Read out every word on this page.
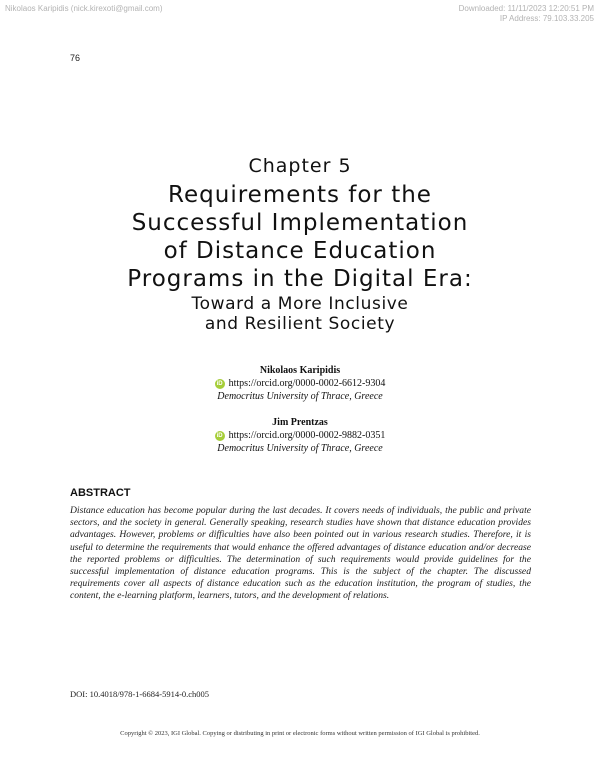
Nikolaos Karipidis (nick.kirexoti@gmail.com)	Downloaded: 11/11/2023 12:20:51 PM
IP Address: 79.103.33.205
76
Chapter 5
Requirements for the
Successful Implementation
of Distance Education
Programs in the Digital Era:
Toward a More Inclusive
and Resilient Society
Nikolaos Karipidis
iD https://orcid.org/0000-0002-6612-9304
Democritus University of Thrace, Greece
Jim Prentzas
iD https://orcid.org/0000-0002-9882-0351
Democritus University of Thrace, Greece
ABSTRACT
Distance education has become popular during the last decades. It covers needs of individuals, the public and private sectors, and the society in general. Generally speaking, research studies have shown that distance education provides advantages. However, problems or difficulties have also been pointed out in various research studies. Therefore, it is useful to determine the requirements that would enhance the offered advantages of distance education and/or decrease the reported problems or difficulties. The determination of such requirements would provide guidelines for the successful implementation of distance education programs. This is the subject of the chapter. The discussed requirements cover all aspects of distance education such as the education institution, the program of studies, the content, the e-learning platform, learners, tutors, and the development of relations.
DOI: 10.4018/978-1-6684-5914-0.ch005
Copyright © 2023, IGI Global. Copying or distributing in print or electronic forms without written permission of IGI Global is prohibited.
